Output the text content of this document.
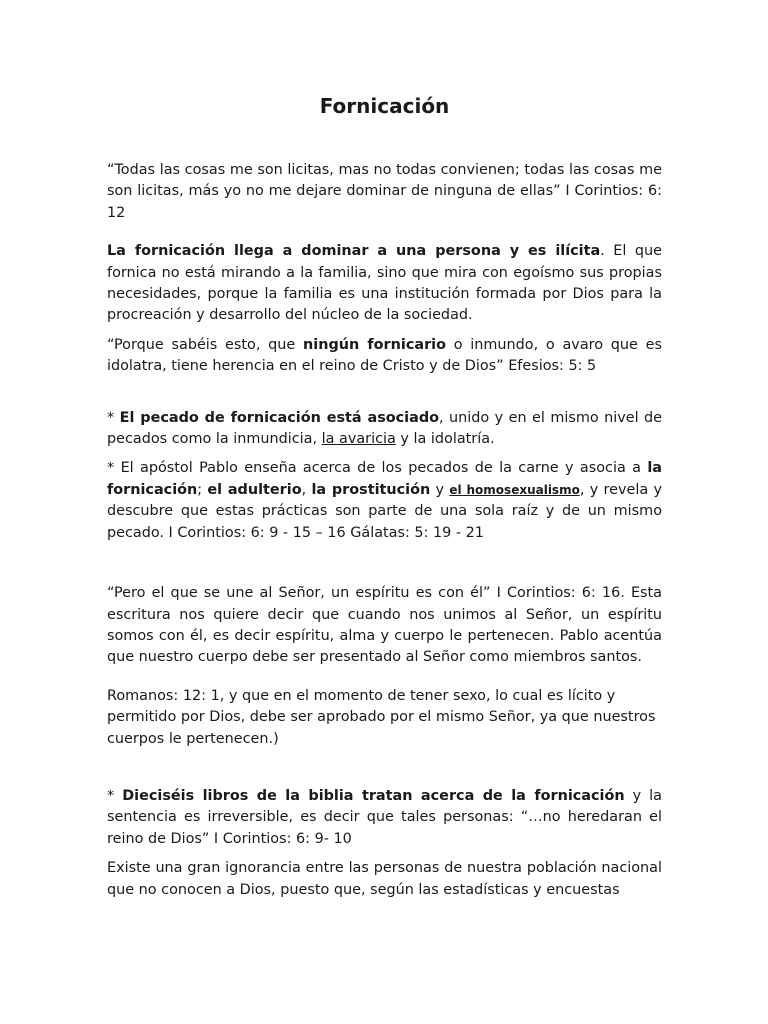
Fornicación

“Todas las cosas me son licitas, mas no todas convienen; todas las cosas me son licitas, más yo no me dejare dominar de ninguna de ellas” I Corintios: 6: 12

La fornicación llega a dominar a una persona y es ilícita. El que fornica no está mirando a la familia, sino que mira con egoísmo sus propias necesidades, porque la familia es una institución formada por Dios para la procreación y desarrollo del núcleo de la sociedad.

“Porque sabéis esto, que ningún fornicario o inmundo, o avaro que es idolatra, tiene herencia en el reino de Cristo y de Dios” Efesios: 5: 5

* El pecado de fornicación está asociado, unido y en el mismo nivel de pecados como la inmundicia, la avaricia y la idolatría.

* El apóstol Pablo enseña acerca de los pecados de la carne y asocia a la fornicación; el adulterio, la prostitución y el homosexualismo, y revela y descubre que estas prácticas son parte de una sola raíz y de un mismo pecado. I Corintios: 6: 9 - 15 – 16 Gálatas: 5: 19 - 21

“Pero el que se une al Señor, un espíritu es con él” I Corintios: 6: 16. Esta escritura nos quiere decir que cuando nos unimos al Señor, un espíritu somos con él, es decir espíritu, alma y cuerpo le pertenecen. Pablo acentúa que nuestro cuerpo debe ser presentado al Señor como miembros santos.

Romanos: 12: 1, y que en el momento de tener sexo, lo cual es lícito y permitido por Dios, debe ser aprobado por el mismo Señor, ya que nuestros cuerpos le pertenecen.)

* Dieciséis libros de la biblia tratan acerca de la fornicación y la sentencia es irreversible, es decir que tales personas: “…no heredaran el reino de Dios” I Corintios: 6: 9- 10

Existe una gran ignorancia entre las personas de nuestra población nacional que no conocen a Dios, puesto que, según las estadísticas y encuestas
